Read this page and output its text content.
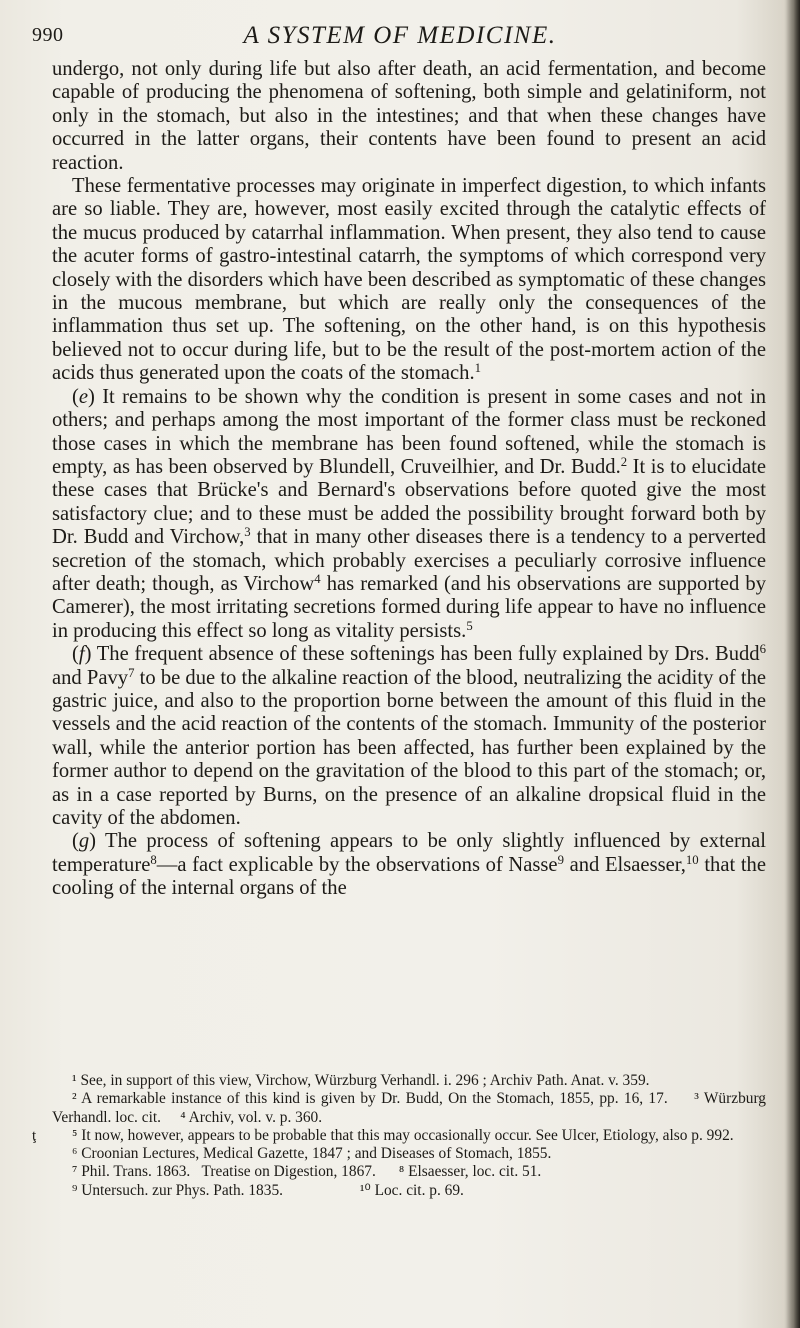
990	A SYSTEM OF MEDICINE.

undergo, not only during life but also after death, an acid fermentation, and become capable of producing the phenomena of softening, both simple and gelatiniform, not only in the stomach, but also in the intestines; and that when these changes have occurred in the latter organs, their contents have been found to present an acid reaction.

These fermentative processes may originate in imperfect digestion, to which infants are so liable. They are, however, most easily excited through the catalytic effects of the mucus produced by catarrhal inflammation. When present, they also tend to cause the acuter forms of gastro-intestinal catarrh, the symptoms of which correspond very closely with the disorders which have been described as symptomatic of these changes in the mucous membrane, but which are really only the consequences of the inflammation thus set up. The softening, on the other hand, is on this hypothesis believed not to occur during life, but to be the result of the post-mortem action of the acids thus generated upon the coats of the stomach.$^1$

(e) It remains to be shown why the condition is present in some cases and not in others; and perhaps among the most important of the former class must be reckoned those cases in which the membrane has been found softened, while the stomach is empty, as has been observed by Blundell, Cruveilhier, and Dr. Budd.$^2$ It is to elucidate these cases that Brücke's and Bernard's observations before quoted give the most satisfactory clue; and to these must be added the possibility brought forward both by Dr. Budd and Virchow,$^3$ that in many other diseases there is a tendency to a perverted secretion of the stomach, which probably exercises a peculiarly corrosive influence after death; though, as Virchow$^4$ has remarked (and his observations are supported by Camerer), the most irritating secretions formed during life appear to have no influence in producing this effect so long as vitality persists.$^5$

(f) The frequent absence of these softenings has been fully explained by Drs. Budd$^6$ and Pavy$^7$ to be due to the alkaline reaction of the blood, neutralizing the acidity of the gastric juice, and also to the proportion borne between the amount of this fluid in the vessels and the acid reaction of the contents of the stomach. Immunity of the posterior wall, while the anterior portion has been affected, has further been explained by the former author to depend on the gravitation of the blood to this part of the stomach; or, as in a case reported by Burns, on the presence of an alkaline dropsical fluid in the cavity of the abdomen.

(g) The process of softening appears to be only slightly influenced by external temperature$^8$—a fact explicable by the observations of Nasse$^9$ and Elsaesser,$^{10}$ that the cooling of the internal organs of the

ţ

¹ See, in support of this view, Virchow, Würzburg Verhandl. i. 296 ; Archiv Path. Anat. v. 359.

² A remarkable instance of this kind is given by Dr. Budd, On the Stomach, 1855, pp. 16, 17.     ³ Würzburg Verhandl. loc. cit.     ⁴ Archiv, vol. v. p. 360.

⁵ It now, however, appears to be probable that this may occasionally occur. See Ulcer, Etiology, also p. 992.

⁶ Croonian Lectures, Medical Gazette, 1847 ; and Diseases of Stomach, 1855.

⁷ Phil. Trans. 1863.   Treatise on Digestion, 1867.      ⁸ Elsaesser, loc. cit. 51.

⁹ Untersuch. zur Phys. Path. 1835.                    ¹⁰ Loc. cit. p. 69.
